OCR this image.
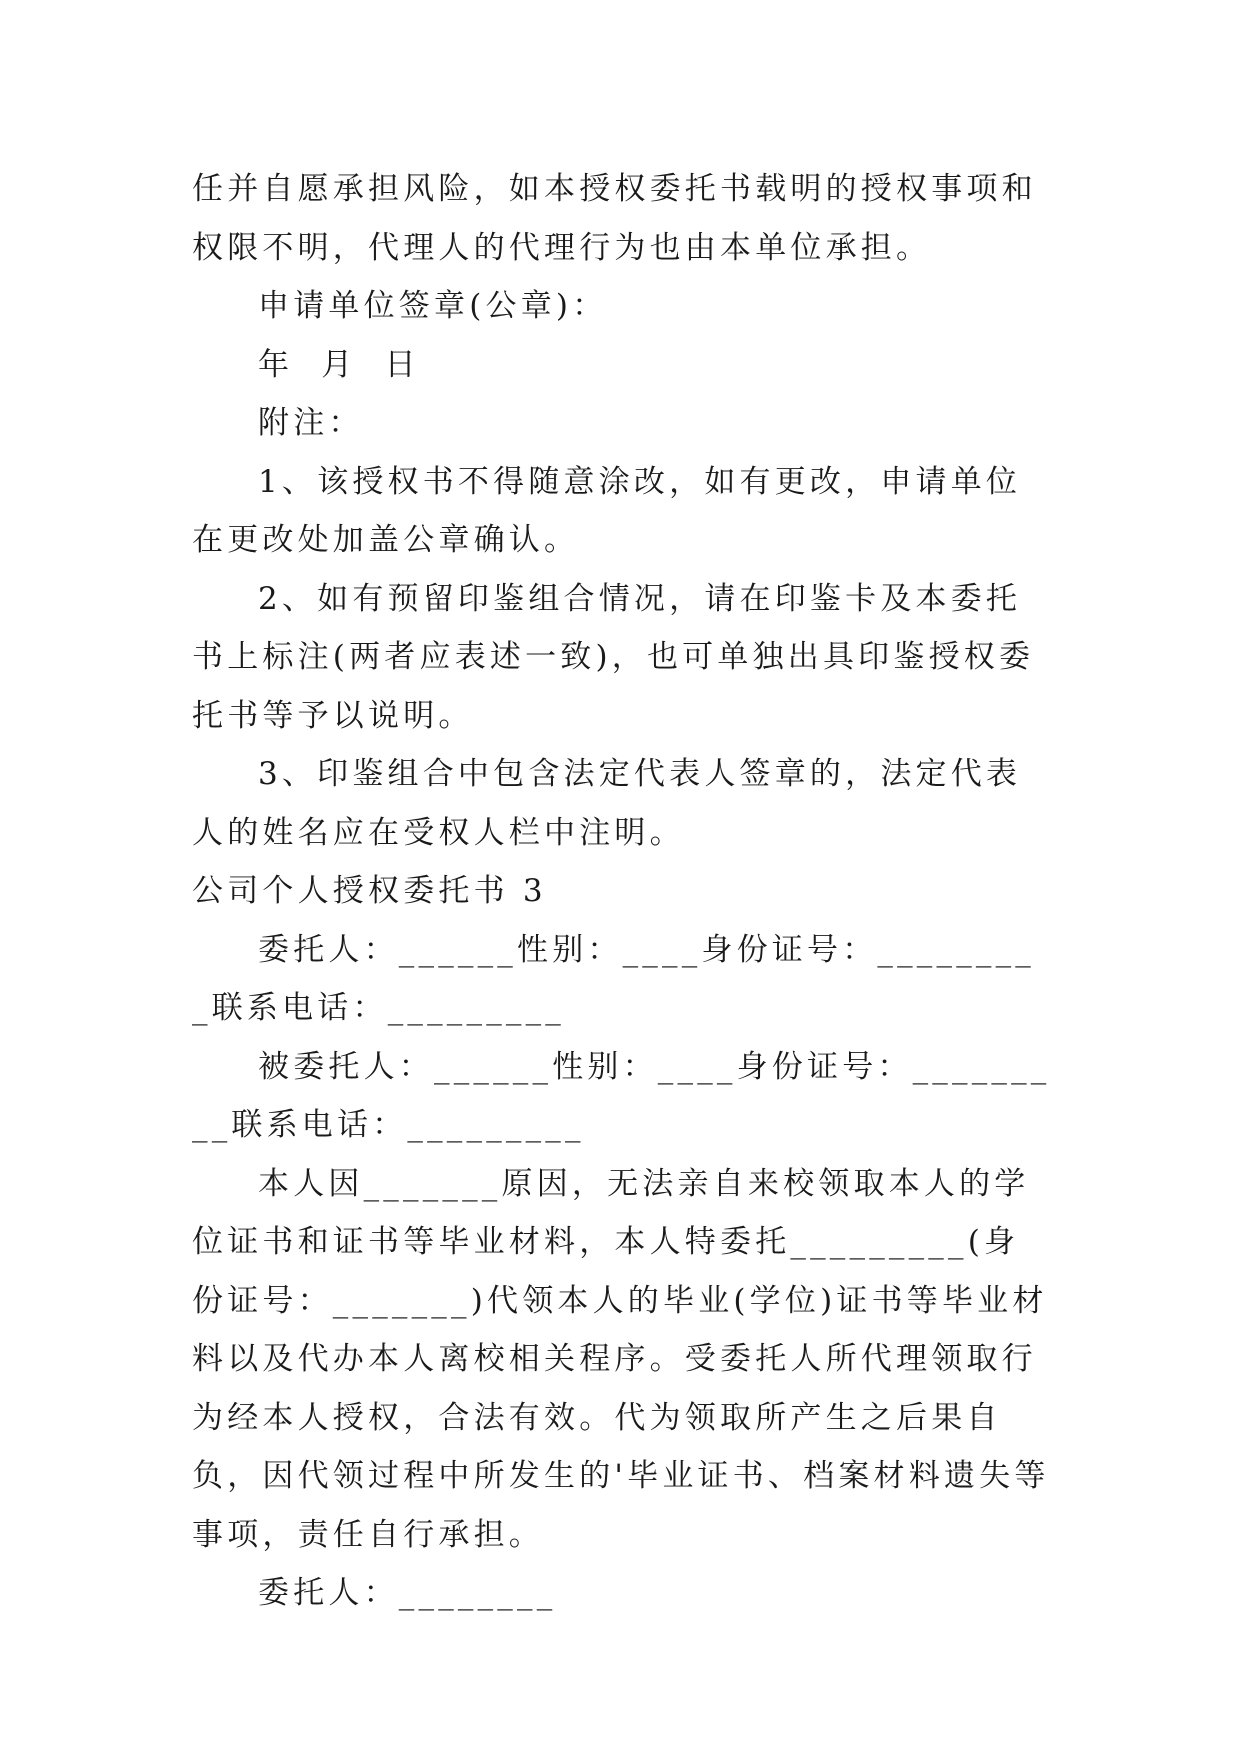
任并自愿承担风险，如本授权委托书载明的授权事项和权限不明，代理人的代理行为也由本单位承担。

申请单位签章(公章)：

年  月  日

附注：

1、该授权书不得随意涂改，如有更改，申请单位在更改处加盖公章确认。

2、如有预留印鉴组合情况，请在印鉴卡及本委托书上标注(两者应表述一致)，也可单独出具印鉴授权委托书等予以说明。

3、印鉴组合中包含法定代表人签章的，法定代表人的姓名应在受权人栏中注明。

公司个人授权委托书 3

委托人：______性别：____身份证号：_________联系电话：_________

被委托人：______性别：____身份证号：_________联系电话：_________

本人因_______原因，无法亲自来校领取本人的学位证书和证书等毕业材料，本人特委托_________(身份证号：_______)代领本人的毕业(学位)证书等毕业材料以及代办本人离校相关程序。受委托人所代理领取行为经本人授权，合法有效。代为领取所产生之后果自负，因代领过程中所发生的'毕业证书、档案材料遗失等事项，责任自行承担。

委托人：________
